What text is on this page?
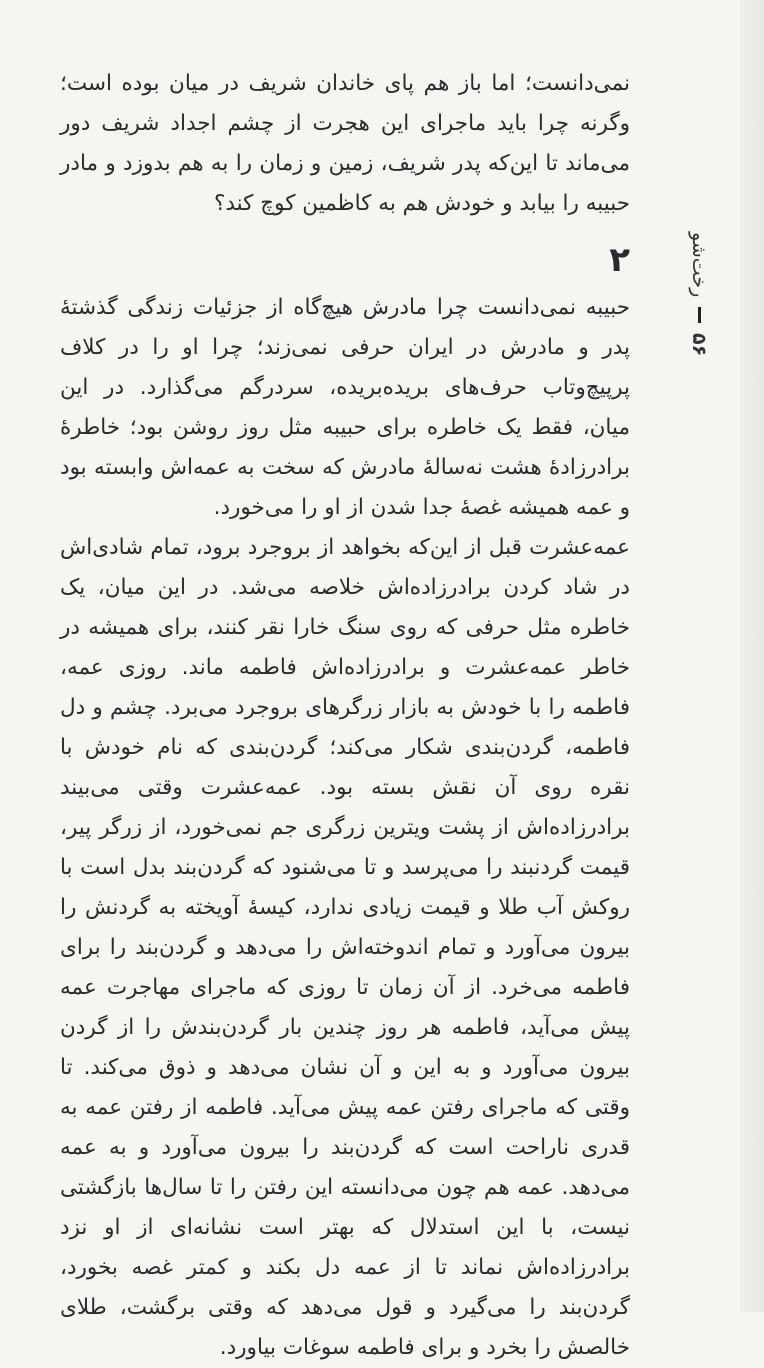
رخت‌شو
۵۶

نمی‌دانست؛ اما باز هم پای خاندان شریف در میان بوده است؛ وگرنه چرا باید ماجرای این هجرت از چشم اجداد شریف دور می‌ماند تا این‌که پدر شریف، زمین و زمان را به هم بدوزد و مادر حبیبه را بیابد و خودش هم به کاظمین کوچ کند؟

۲

حبیبه نمی‌دانست چرا مادرش هیچ‌گاه از جزئیات زندگی گذشتهٔ پدر و مادرش در ایران حرفی نمی‌زند؛ چرا او را در کلاف پرپیچ‌وتاب حرف‌های بریده‌بریده، سردرگم می‌گذارد. در این میان، فقط یک خاطره برای حبیبه مثل روز روشن بود؛ خاطرهٔ برادرزادهٔ هشت نه‌سالهٔ مادرش که سخت به عمه‌اش وابسته بود و عمه همیشه غصهٔ جدا شدن از او را می‌خورد.

عمه‌عشرت قبل از این‌که بخواهد از بروجرد برود، تمام شادی‌اش در شاد کردن برادرزاده‌اش خلاصه می‌شد. در این میان، یک خاطره مثل حرفی که روی سنگ خارا نقر کنند، برای همیشه در خاطر عمه‌عشرت و برادرزاده‌اش فاطمه ماند. روزی عمه، فاطمه را با خودش به بازار زرگرهای بروجرد می‌برد. چشم و دل فاطمه، گردن‌بندی شکار می‌کند؛ گردن‌بندی که نام خودش با نقره روی آن نقش بسته بود. عمه‌عشرت وقتی می‌بیند برادرزاده‌اش از پشت ویترین زرگری جم نمی‌خورد، از زرگر پیر، قیمت گردنبند را می‌پرسد و تا می‌شنود که گردن‌بند بدل است با روکش آب طلا و قیمت زیادی ندارد، کیسهٔ آویخته به گردنش را بیرون می‌آورد و تمام اندوخته‌اش را می‌دهد و گردن‌بند را برای فاطمه می‌خرد. از آن زمان تا روزی که ماجرای مهاجرت عمه پیش می‌آید، فاطمه هر روز چندین بار گردن‌بندش را از گردن بیرون می‌آورد و به این و آن نشان می‌دهد و ذوق می‌کند. تا وقتی که ماجرای رفتن عمه پیش می‌آید. فاطمه از رفتن عمه به قدری ناراحت است که گردن‌بند را بیرون می‌آورد و به عمه می‌دهد. عمه هم چون می‌دانسته این رفتن را تا سال‌ها بازگشتی نیست، با این استدلال که بهتر است نشانه‌ای از او نزد برادرزاده‌اش نماند تا از عمه دل بکند و کمتر غصه بخورد، گردن‌بند را می‌گیرد و قول می‌دهد که وقتی برگشت، طلای خالصش را بخرد و برای فاطمه سوغات بیاورد.
